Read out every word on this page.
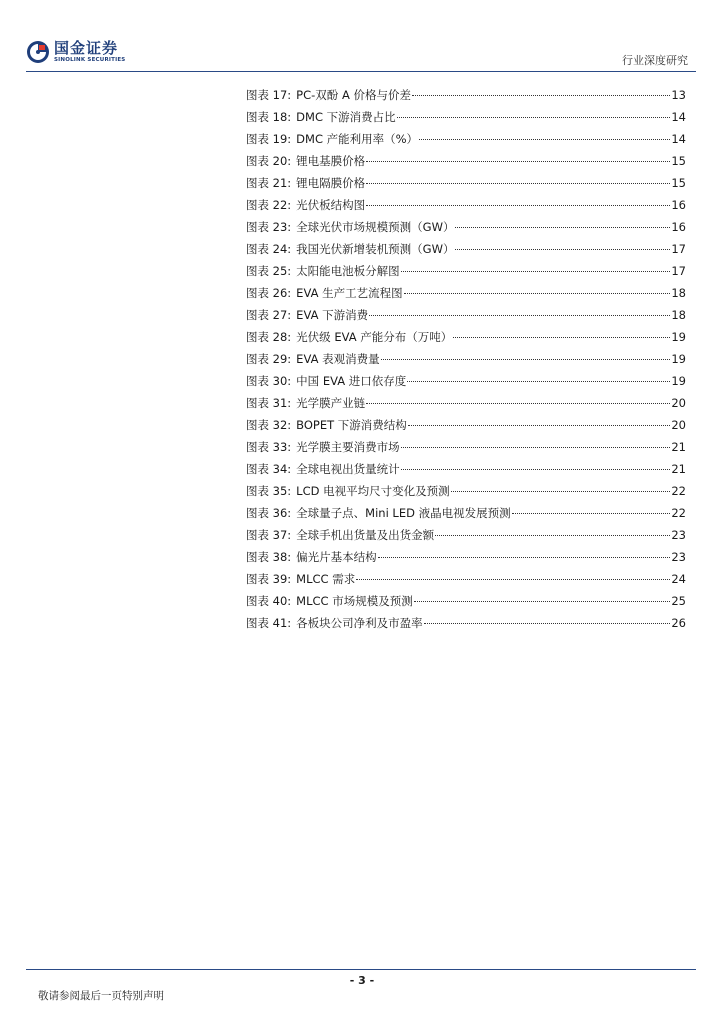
国金证券
SINOLINK SECURITIES	行业深度研究
图表 17: PC-双酚 A 价格与价差	13
图表 18: DMC 下游消费占比	14
图表 19: DMC 产能利用率（%）	14
图表 20: 锂电基膜价格	15
图表 21: 锂电隔膜价格	15
图表 22: 光伏板结构图	16
图表 23: 全球光伏市场规模预测（GW）	16
图表 24: 我国光伏新增装机预测（GW）	17
图表 25: 太阳能电池板分解图	17
图表 26: EVA 生产工艺流程图	18
图表 27: EVA 下游消费	18
图表 28: 光伏级 EVA 产能分布（万吨）	19
图表 29: EVA 表观消费量	19
图表 30: 中国 EVA 进口依存度	19
图表 31: 光学膜产业链	20
图表 32: BOPET 下游消费结构	20
图表 33: 光学膜主要消费市场	21
图表 34: 全球电视出货量统计	21
图表 35: LCD 电视平均尺寸变化及预测	22
图表 36: 全球量子点、Mini LED 液晶电视发展预测	22
图表 37: 全球手机出货量及出货金额	23
图表 38: 偏光片基本结构	23
图表 39: MLCC 需求	24
图表 40: MLCC 市场规模及预测	25
图表 41: 各板块公司净利及市盈率	26
- 3 -
敬请参阅最后一页特别声明
